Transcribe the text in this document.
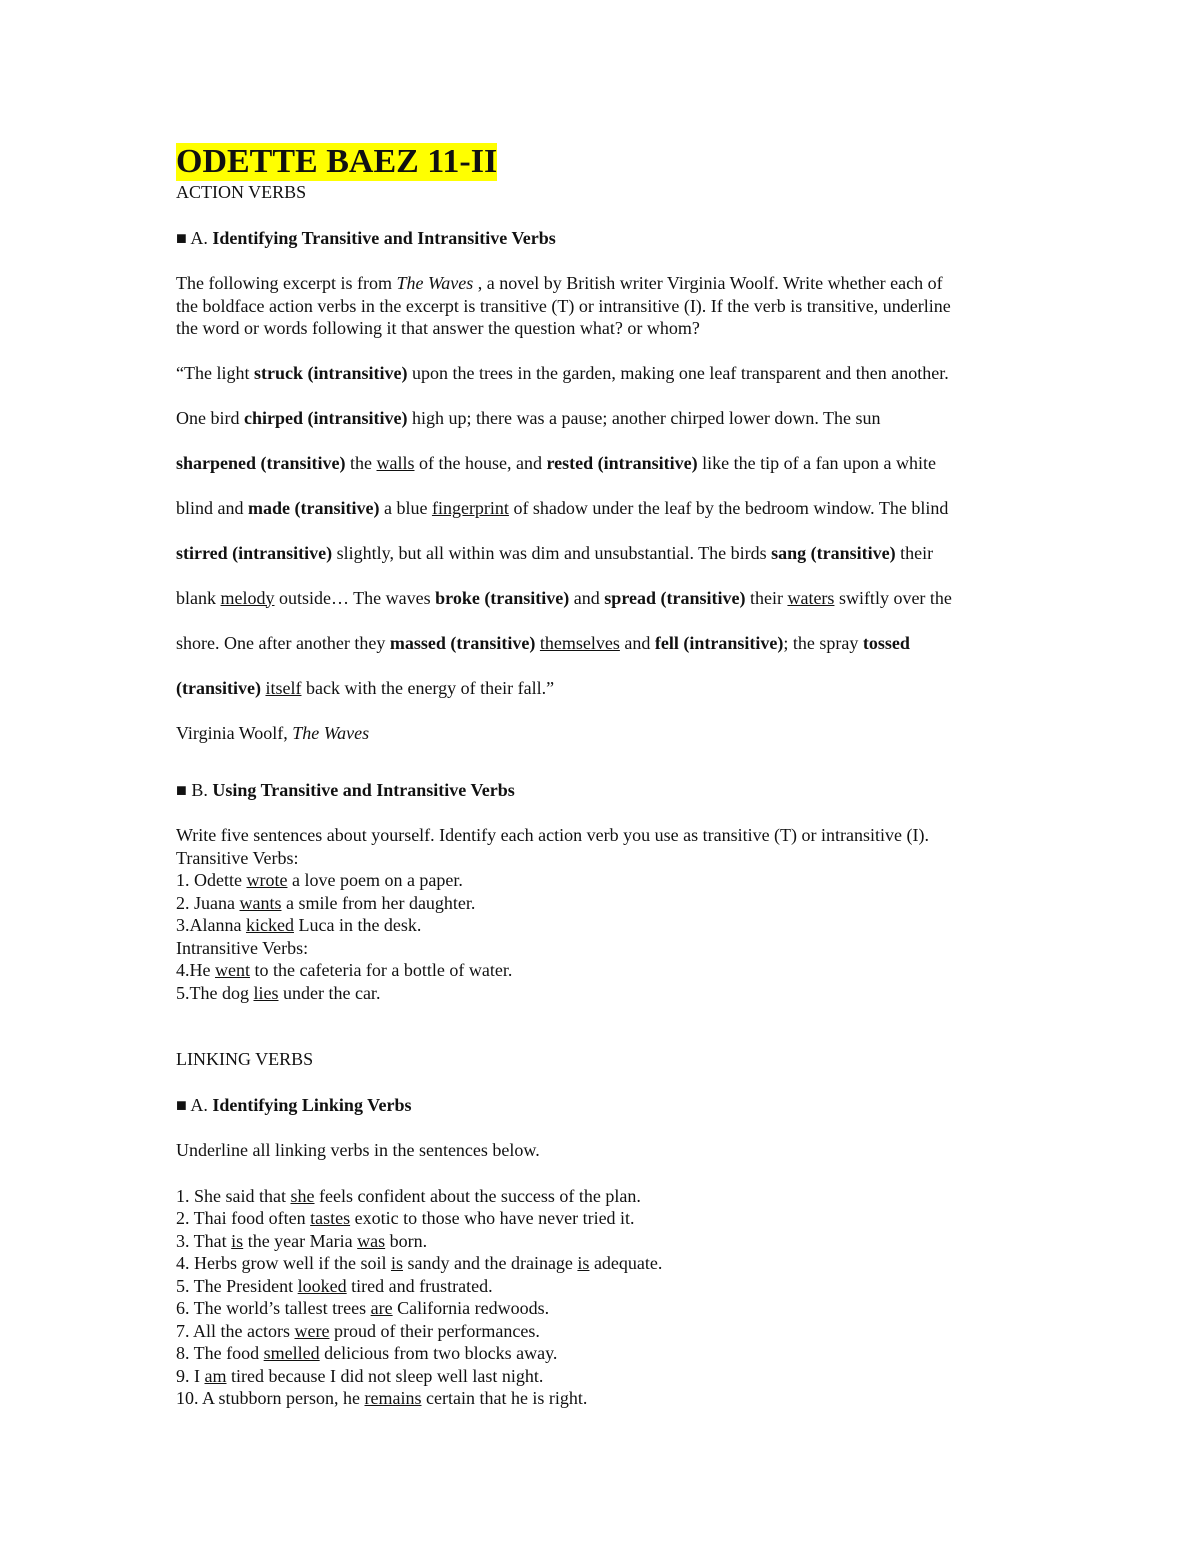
ODETTE BAEZ 11-II
ACTION VERBS
■ A. Identifying Transitive and Intransitive Verbs
The following excerpt is from The Waves , a novel by British writer Virginia Woolf. Write whether each of
the boldface action verbs in the excerpt is transitive (T) or intransitive (I). If the verb is transitive, underline
the word or words following it that answer the question what? or whom?
“The light struck (intransitive) upon the trees in the garden, making one leaf transparent and then another.
One bird chirped (intransitive) high up; there was a pause; another chirped lower down. The sun
sharpened (transitive) the walls of the house, and rested (intransitive) like the tip of a fan upon a white
blind and made (transitive) a blue fingerprint of shadow under the leaf by the bedroom window. The blind
stirred (intransitive) slightly, but all within was dim and unsubstantial. The birds sang (transitive) their
blank melody outside… The waves broke (transitive) and spread (transitive) their waters swiftly over the
shore. One after another they massed (transitive) themselves and fell (intransitive); the spray tossed
(transitive) itself back with the energy of their fall.”
Virginia Woolf, The Waves
■ B. Using Transitive and Intransitive Verbs
Write five sentences about yourself. Identify each action verb you use as transitive (T) or intransitive (I).
Transitive Verbs:
1. Odette wrote a love poem on a paper.
2. Juana wants a smile from her daughter.
3.Alanna kicked Luca in the desk.
Intransitive Verbs:
4.He went to the cafeteria for a bottle of water.
5.The dog lies under the car.
LINKING VERBS
■ A. Identifying Linking Verbs
Underline all linking verbs in the sentences below.
1. She said that she feels confident about the success of the plan.
2. Thai food often tastes exotic to those who have never tried it.
3. That is the year Maria was born.
4. Herbs grow well if the soil is sandy and the drainage is adequate.
5. The President looked tired and frustrated.
6. The world’s tallest trees are California redwoods.
7. All the actors were proud of their performances.
8. The food smelled delicious from two blocks away.
9. I am tired because I did not sleep well last night.
10. A stubborn person, he remains certain that he is right.
